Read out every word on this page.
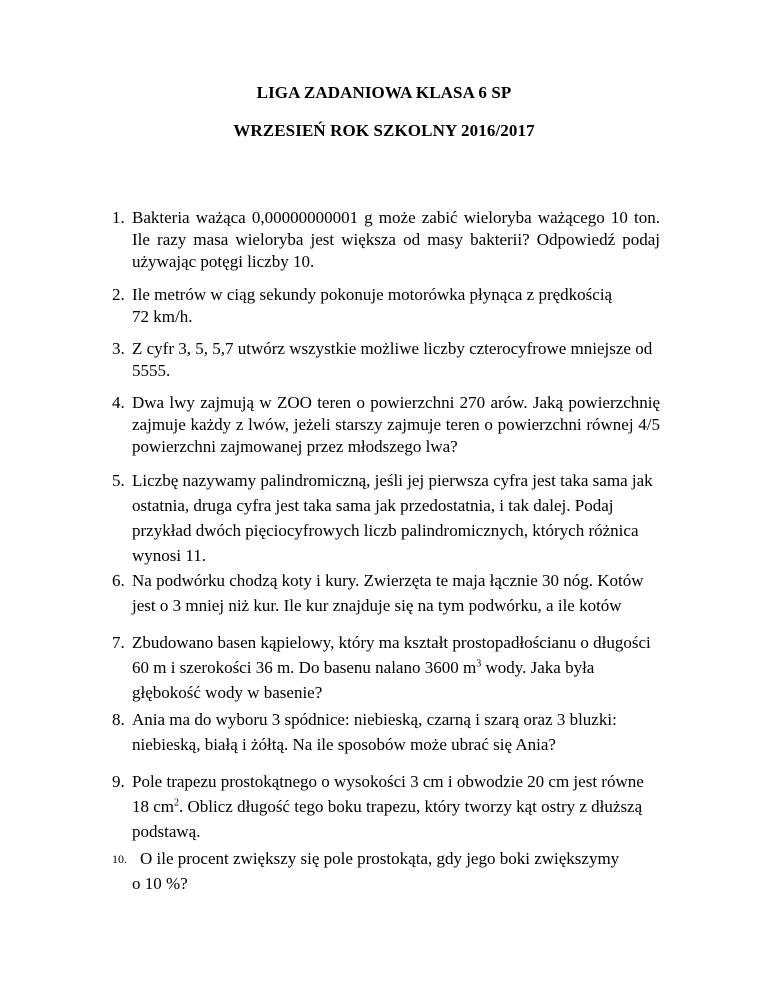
LIGA ZADANIOWA KLASA 6 SP
WRZESIEŃ ROK SZKOLNY 2016/2017
1. Bakteria ważąca 0,00000000001 g może zabić wieloryba ważącego 10 ton. Ile razy masa wieloryba jest większa od masy bakterii? Odpowiedź podaj używając potęgi liczby 10.
2. Ile metrów w ciąg sekundy pokonuje motorówka płynąca z prędkością
72 km/h.
3. Z cyfr 3, 5, 5,7 utwórz wszystkie możliwe liczby czterocyfrowe mniejsze od 5555.
4. Dwa lwy zajmują w ZOO teren o powierzchni 270 arów. Jaką powierzchnię zajmuje każdy z lwów, jeżeli starszy zajmuje teren o powierzchni równej 4/5 powierzchni zajmowanej przez młodszego lwa?
5. Liczbę nazywamy palindromiczną, jeśli jej pierwsza cyfra jest taka sama jak ostatnia, druga cyfra jest taka sama jak przedostatnia, i tak dalej. Podaj przykład dwóch pięciocyfrowych liczb palindromicznych, których różnica wynosi 11.
6. Na podwórku chodzą koty i kury. Zwierzęta te maja łącznie 30 nóg. Kotów jest o 3 mniej niż kur. Ile kur znajduje się na tym podwórku, a ile kotów
7. Zbudowano basen kąpielowy, który ma kształt prostopadłościanu o długości 60 m i szerokości 36 m. Do basenu nalano 3600 $m^3$ wody. Jaka była głębokość wody w basenie?
8. Ania ma do wyboru 3 spódnice: niebieską, czarną i szarą oraz 3 bluzki: niebieską, białą i żółtą. Na ile sposobów może ubrać się Ania?
9. Pole trapezu prostokątnego o wysokości 3 cm i obwodzie 20 cm jest równe 18 $cm^2$. Oblicz długość tego boku trapezu, który tworzy kąt ostry z dłuższą podstawą.
10. O ile procent zwiększy się pole prostokąta, gdy jego boki zwiększymy
o 10 %?
